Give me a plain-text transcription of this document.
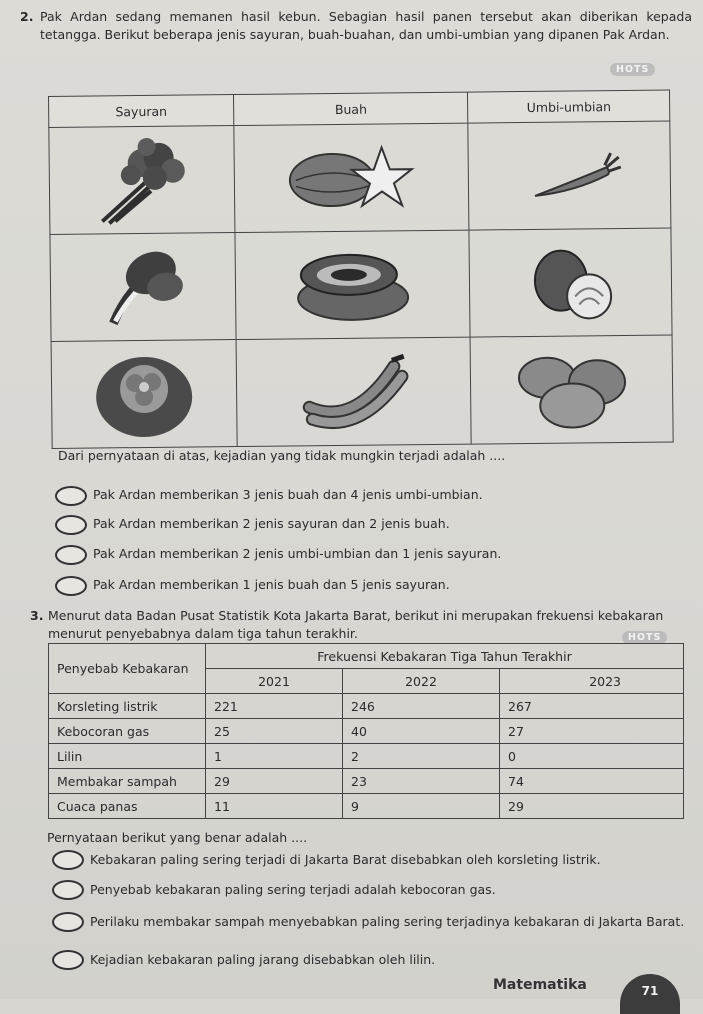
2. Pak Ardan sedang memanen hasil kebun. Sebagian hasil panen tersebut akan diberikan kepada tetangga. Berikut beberapa jenis sayuran, buah-buahan, dan umbi-umbian yang dipanen Pak Ardan.
HOTS
Sayuran	Buah	Umbi-umbian

Dari pernyataan di atas, kejadian yang tidak mungkin terjadi adalah ....
Pak Ardan memberikan 3 jenis buah dan 4 jenis umbi-umbian.
Pak Ardan memberikan 2 jenis sayuran dan 2 jenis buah.
Pak Ardan memberikan 2 jenis umbi-umbian dan 1 jenis sayuran.
Pak Ardan memberikan 1 jenis buah dan 5 jenis sayuran.
3. Menurut data Badan Pusat Statistik Kota Jakarta Barat, berikut ini merupakan frekuensi kebakaran menurut penyebabnya dalam tiga tahun terakhir.	HOTS
Penyebab Kebakaran	Frekuensi Kebakaran Tiga Tahun Terakhir		
	2021	2022	2023
Korsleting listrik	221	246	267
Kebocoran gas	25	40	27
Lilin	1	2	0
Membakar sampah	29	23	74
Cuaca panas	11	9	29
Pernyataan berikut yang benar adalah ....
Kebakaran paling sering terjadi di Jakarta Barat disebabkan oleh korsleting listrik.
Penyebab kebakaran paling sering terjadi adalah kebocoran gas.
Perilaku membakar sampah menyebabkan paling sering terjadinya kebakaran di Jakarta Barat.
Kejadian kebakaran paling jarang disebabkan oleh lilin.
Matematika	71
